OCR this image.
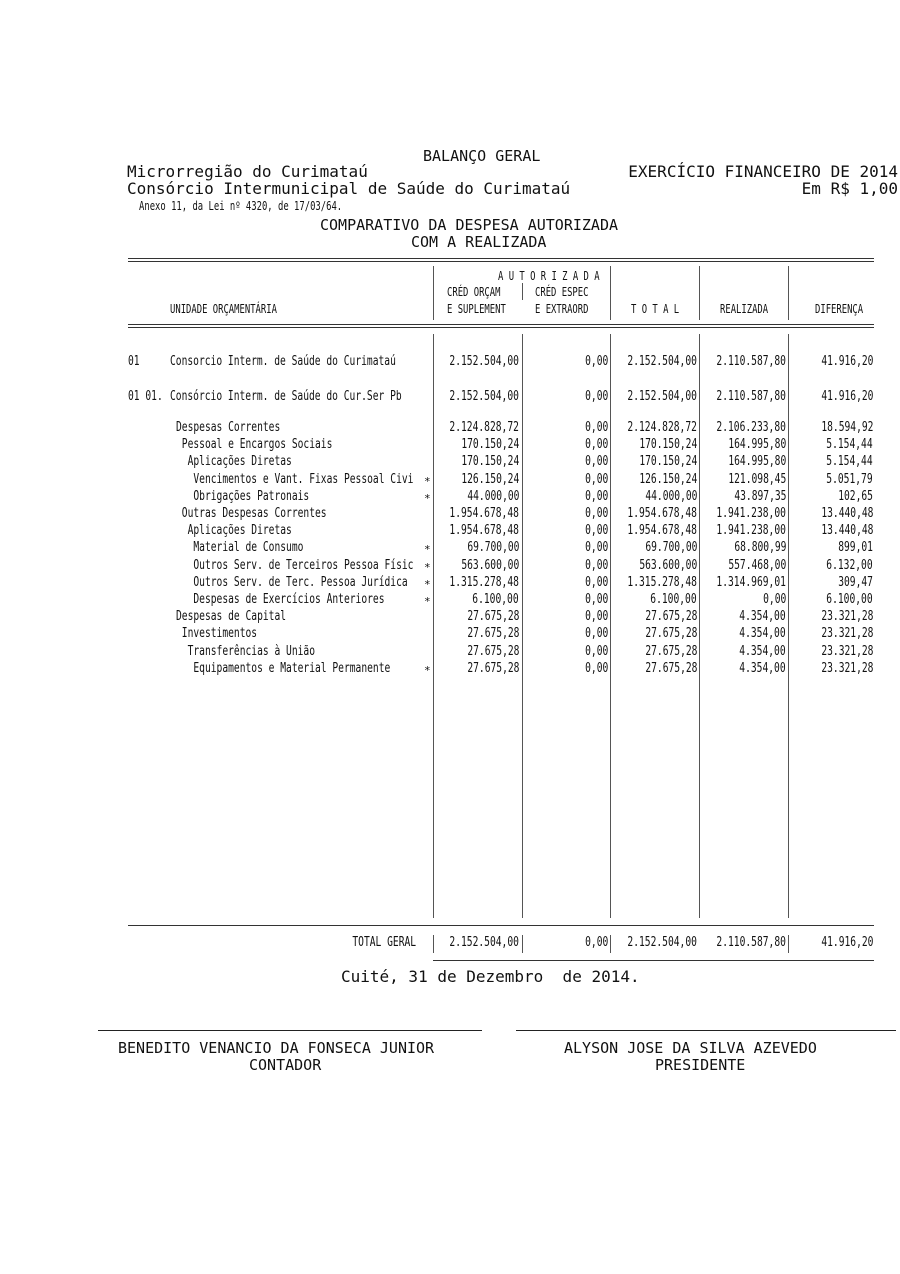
BALANÇO GERAL
Microrregião do Curimataú	EXERCÍCIO FINANCEIRO DE 2014
Consórcio Intermunicipal de Saúde do Curimataú	Em R$ 1,00
Anexo 11, da Lei nº 4320, de 17/03/64.
COMPARATIVO DA DESPESA AUTORIZADA
COM A REALIZADA
A U T O R I Z A D A
CRÉD ORÇAM	CRÉD ESPEC
E SUPLEMENT E EXTRAORD
UNIDADE ORÇAMENTÁRIA	T O T A L	REALIZADA	DIFERENÇA
01 Consorcio Interm. de Saúde do Curimataú	2.152.504,00	0,00 2.152.504,00 2.110.587,80	41.916,20
01 01. Consórcio Interm. de Saúde do Cur.Ser Pb	2.152.504,00	0,00 2.152.504,00 2.110.587,80	41.916,20
Despesas Correntes	2.124.828,72	0,00 2.124.828,72 2.106.233,80	18.594,92
Pessoal e Encargos Sociais	170.150,24	0,00 170.150,24 164.995,80	5.154,44
Aplicações Diretas	170.150,24	0,00 170.150,24 164.995,80	5.154,44
Vencimentos e Vant. Fixas Pessoal Civi * 126.150,24	0,00 126.150,24 121.098,45	5.051,79
Obrigações Patronais	*	44.000,00	0,00	44.000,00	43.897,35	102,65
Outras Despesas Correntes	1.954.678,48	0,00 1.954.678,48 1.941.238,00	13.440,48
Aplicações Diretas	1.954.678,48	0,00 1.954.678,48 1.941.238,00	13.440,48
Material de Consumo	*	69.700,00	0,00	69.700,00	68.800,99	899,01
Outros Serv. de Terceiros Pessoa Físic * 563.600,00	0,00 563.600,00 557.468,00	6.132,00
Outros Serv. de Terc. Pessoa Jurídica * 1.315.278,48	0,00 1.315.278,48 1.314.969,01	309,47
Despesas de Exercícios Anteriores	*	6.100,00	0,00	6.100,00	0,00	6.100,00
Despesas de Capital	27.675,28	0,00	27.675,28	4.354,00	23.321,28
Investimentos	27.675,28	0,00	27.675,28	4.354,00	23.321,28
Transferências à União	27.675,28	0,00	27.675,28	4.354,00	23.321,28
Equipamentos e Material Permanente	*	27.675,28	0,00	27.675,28	4.354,00	23.321,28
TOTAL GERAL	2.152.504,00	0,00 2.152.504,00 2.110.587,80	41.916,20
Cuité, 31 de Dezembro  de 2014.
BENEDITO VENANCIO DA FONSECA JUNIOR
CONTADOR
ALYSON JOSE DA SILVA AZEVEDO
PRESIDENTE
